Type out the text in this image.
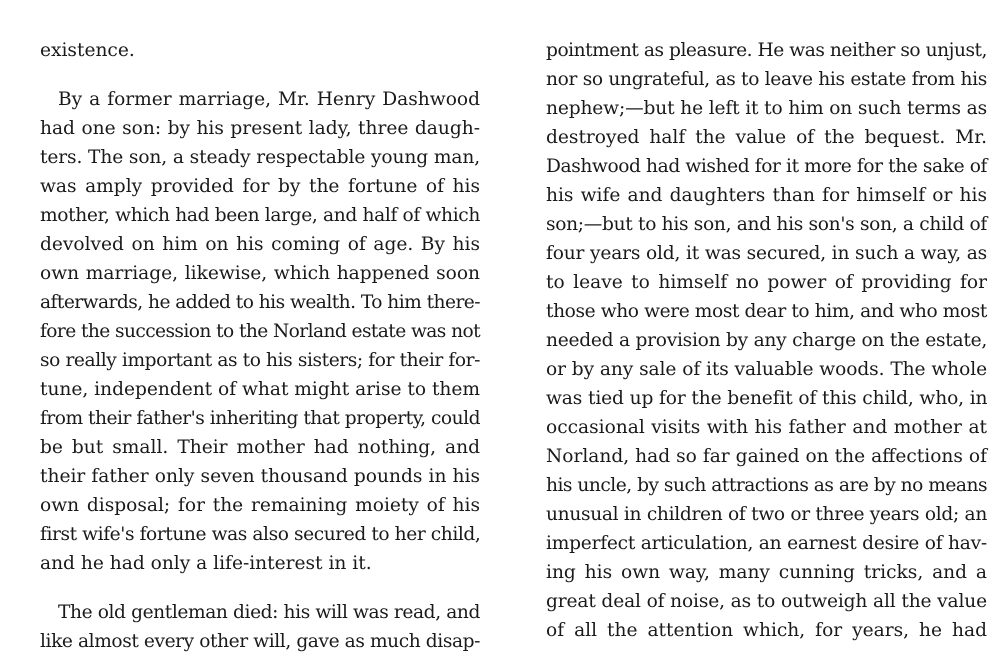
existence.
By a former marriage, Mr. Henry Dashwood
had one son: by his present lady, three daugh-
ters. The son, a steady respectable young man,
was amply provided for by the fortune of his
mother, which had been large, and half of which
devolved on him on his coming of age. By his
own marriage, likewise, which happened soon
afterwards, he added to his wealth. To him there-
fore the succession to the Norland estate was not
so really important as to his sisters; for their for-
tune, independent of what might arise to them
from their father's inheriting that property, could
be but small. Their mother had nothing, and
their father only seven thousand pounds in his
own disposal; for the remaining moiety of his
first wife's fortune was also secured to her child,
and he had only a life-interest in it.
The old gentleman died: his will was read, and
like almost every other will, gave as much disap-
pointment as pleasure. He was neither so unjust,
nor so ungrateful, as to leave his estate from his
nephew;—but he left it to him on such terms as
destroyed half the value of the bequest. Mr.
Dashwood had wished for it more for the sake of
his wife and daughters than for himself or his
son;—but to his son, and his son's son, a child of
four years old, it was secured, in such a way, as
to leave to himself no power of providing for
those who were most dear to him, and who most
needed a provision by any charge on the estate,
or by any sale of its valuable woods. The whole
was tied up for the benefit of this child, who, in
occasional visits with his father and mother at
Norland, had so far gained on the affections of
his uncle, by such attractions as are by no means
unusual in children of two or three years old; an
imperfect articulation, an earnest desire of hav-
ing his own way, many cunning tricks, and a
great deal of noise, as to outweigh all the value
of all the attention which, for years, he had
